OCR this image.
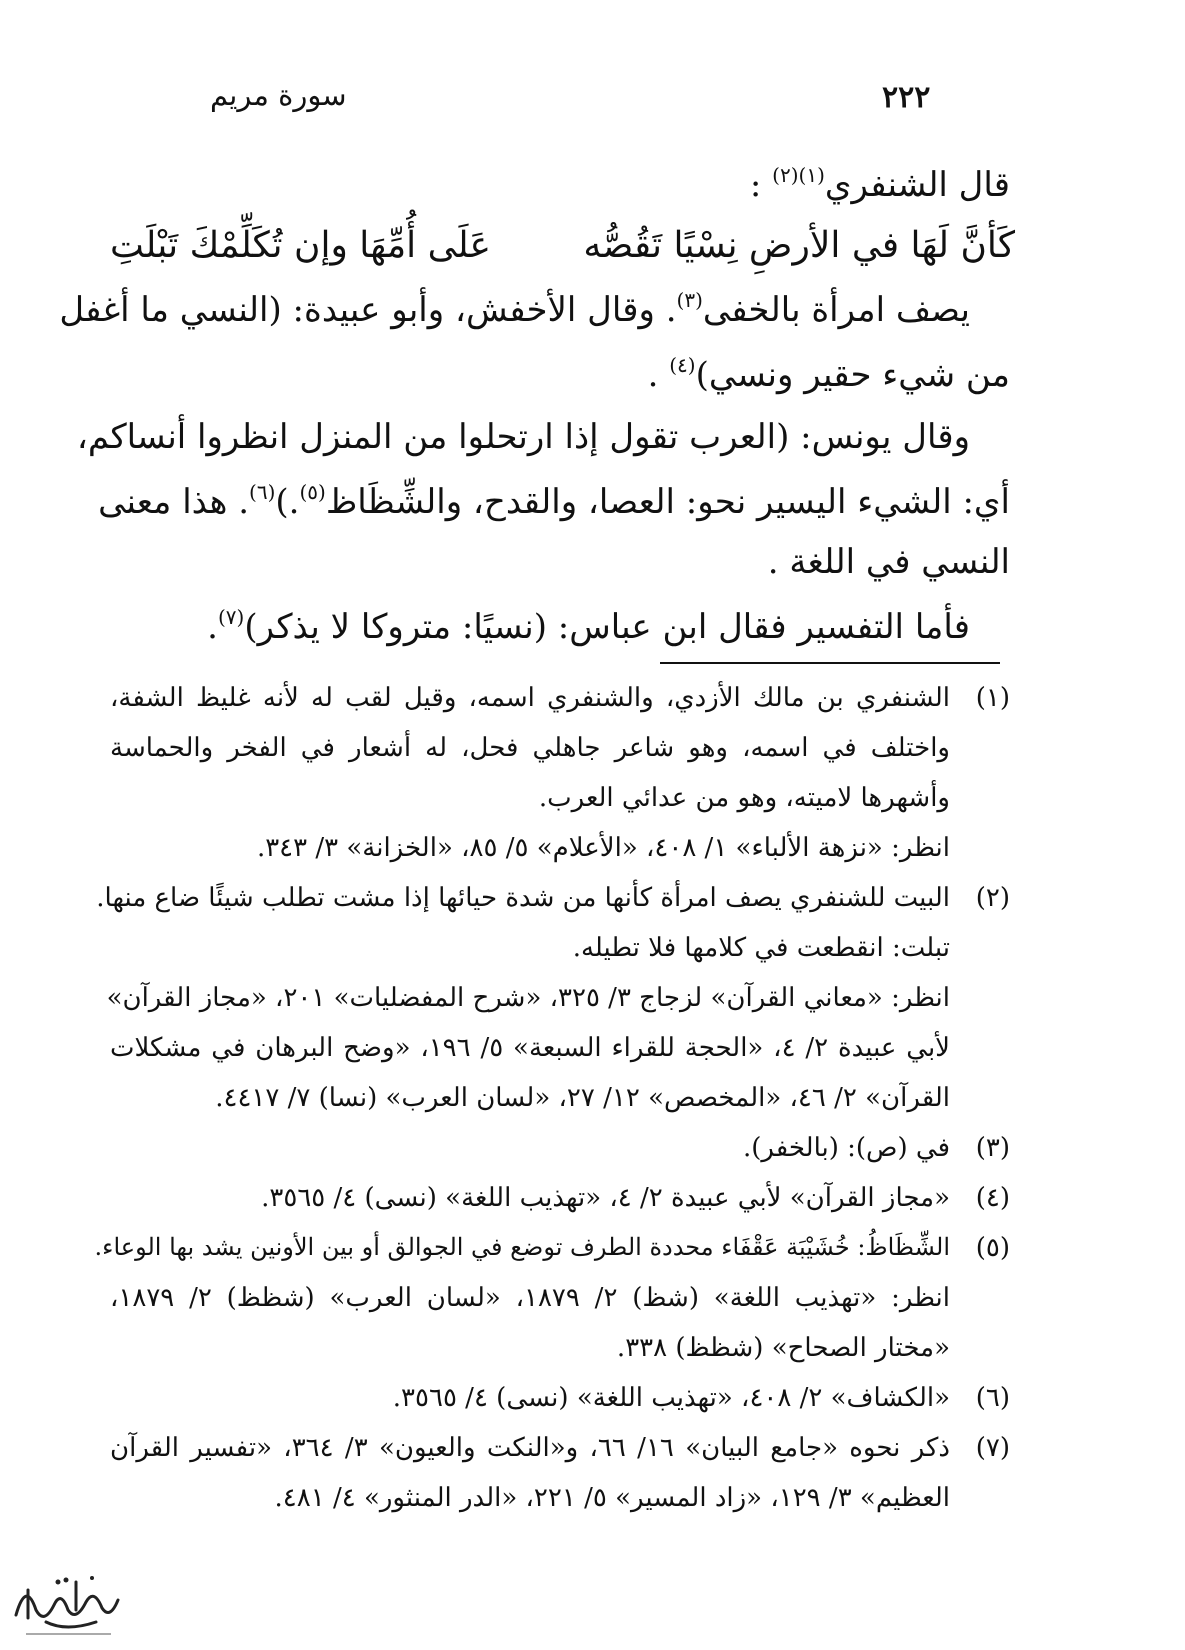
سورة مريم	٢٢٢
قال الشنفري$^{(١)(٢)}$ :
كَأنَّ لَهَا في الأرضِ نِسْيًا تَقُصُّه
عَلَى أُمِّهَا وإن تُكَلِّمْكَ تَبْلَتِ
يصف امرأة بالخفى$^{(٣)}$. وقال الأخفش، وأبو عبيدة: (النسي ما أغفل
من شيء حقير ونسي)$^{(٤)}$ .
وقال يونس: (العرب تقول إذا ارتحلوا من المنزل انظروا أنساكم،
أي: الشيء اليسير نحو: العصا، والقدح، والشِّظَاظ$^{(٥)}$.)$^{(٦)}$. هذا معنى
النسي في اللغة .
فأما التفسير فقال ابن عباس: (نسيًا: متروكا لا يذكر)$^{(٧)}$.
(١)
الشنفري بن مالك الأزدي، والشنفري اسمه، وقيل لقب له لأنه غليظ الشفة،
واختلف في اسمه، وهو شاعر جاهلي فحل، له أشعار في الفخر والحماسة
وأشهرها لاميته، وهو من عدائي العرب.
انظر: «نزهة الألباء» ١/ ٤٠٨، «الأعلام» ٥/ ٨٥، «الخزانة» ٣/ ٣٤٣.
(٢)
البيت للشنفري يصف امرأة كأنها من شدة حيائها إذا مشت تطلب شيئًا ضاع منها.
تبلت: انقطعت في كلامها فلا تطيله.
انظر: «معاني القرآن» لزجاج ٣/ ٣٢٥، «شرح المفضليات» ٢٠١، «مجاز القرآن»
لأبي عبيدة ٢/ ٤، «الحجة للقراء السبعة» ٥/ ١٩٦، «وضح البرهان في مشكلات
القرآن» ٢/ ٤٦، «المخصص» ١٢/ ٢٧، «لسان العرب» (نسا) ٧/ ٤٤١٧.
(٣)
في (ص): (بالخفر).
(٤)
«مجاز القرآن» لأبي عبيدة ٢/ ٤، «تهذيب اللغة» (نسى) ٤/ ٣٥٦٥.
(٥)
الشِّظَاظُ: خُشَيْبَة عَقْفَاء محددة الطرف توضع في الجوالق أو بين الأونين يشد بها الوعاء.
انظر: «تهذيب اللغة» (شظ) ٢/ ١٨٧٩، «لسان العرب» (شظظ) ٢/ ١٨٧٩،
«مختار الصحاح» (شظظ) ٣٣٨.
(٦)
«الكشاف» ٢/ ٤٠٨، «تهذيب اللغة» (نسى) ٤/ ٣٥٦٥.
(٧)
ذكر نحوه «جامع البيان» ١٦/ ٦٦، و«النكت والعيون» ٣/ ٣٦٤، «تفسير القرآن
العظيم» ٣/ ١٢٩، «زاد المسير» ٥/ ٢٢١، «الدر المنثور» ٤/ ٤٨١.
